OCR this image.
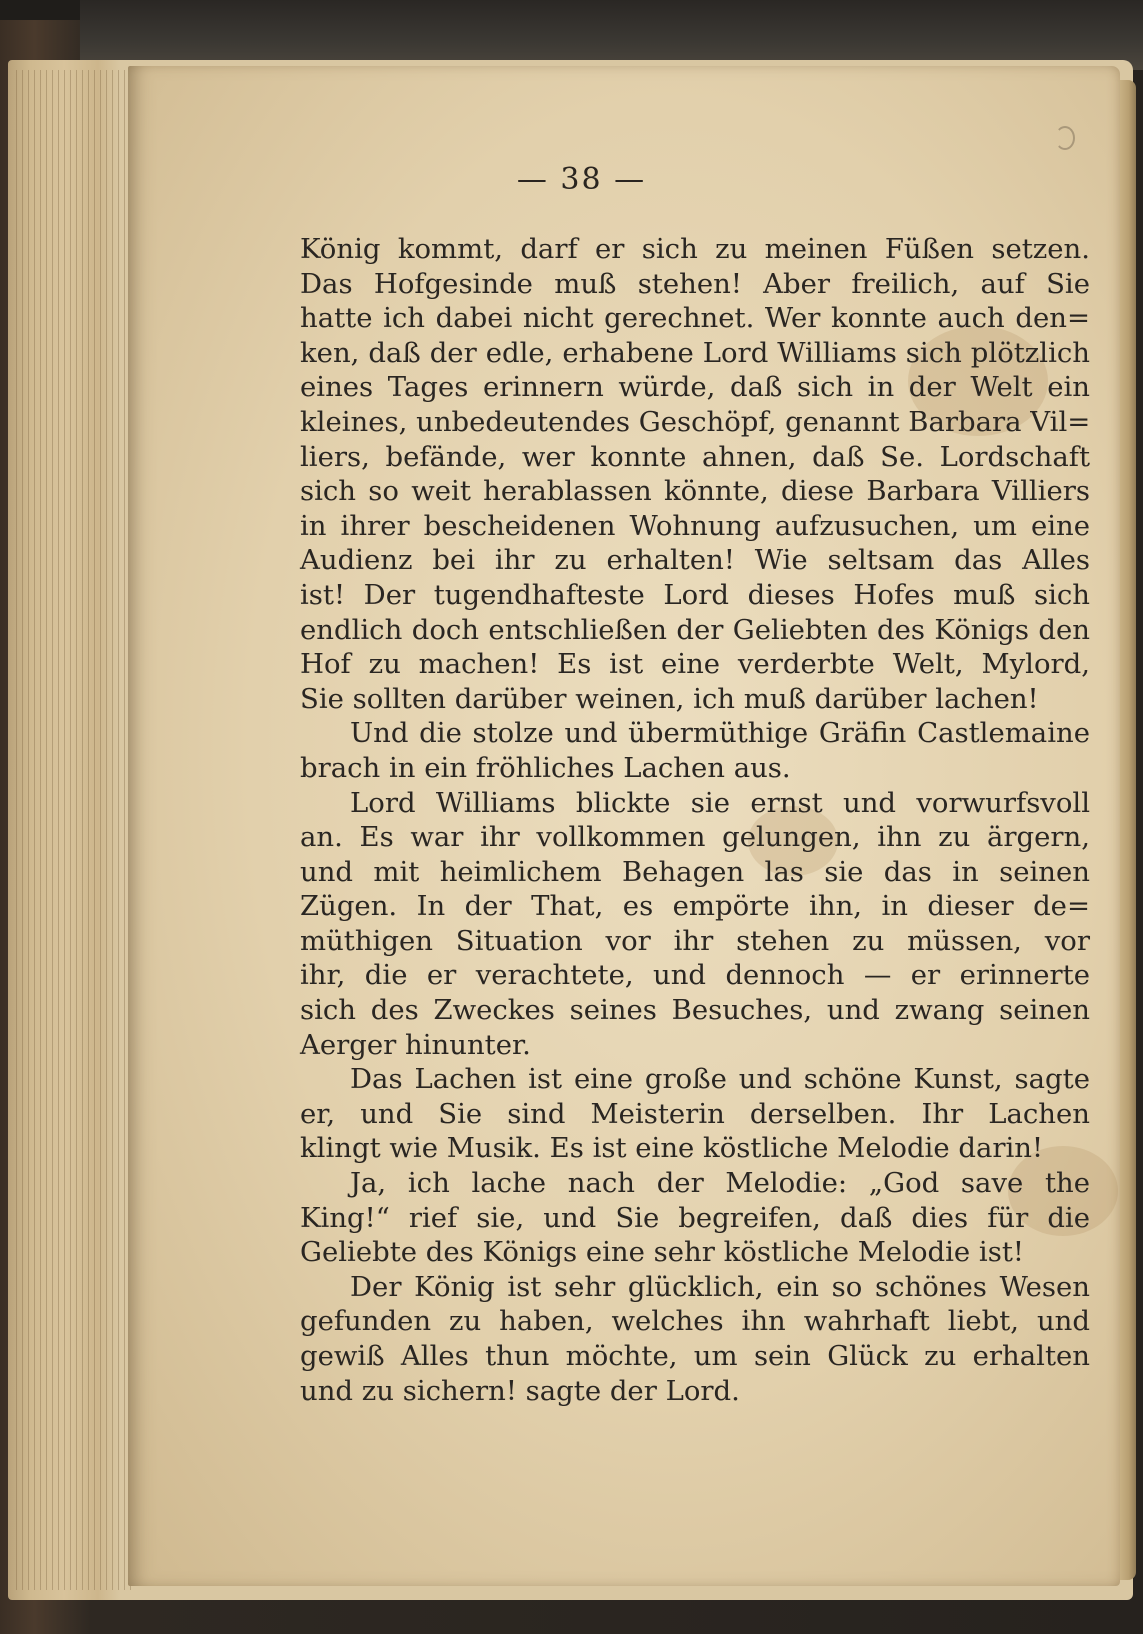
— 38 —
König kommt, darf er sich zu meinen Füßen setzen.
Das Hofgesinde muß stehen! Aber freilich, auf Sie
hatte ich dabei nicht gerechnet. Wer konnte auch den=
ken, daß der edle, erhabene Lord Williams sich plötzlich
eines Tages erinnern würde, daß sich in der Welt ein
kleines, unbedeutendes Geschöpf, genannt Barbara Vil=
liers, befände, wer konnte ahnen, daß Se. Lordschaft
sich so weit herablassen könnte, diese Barbara Villiers
in ihrer bescheidenen Wohnung aufzusuchen, um eine
Audienz bei ihr zu erhalten! Wie seltsam das Alles
ist! Der tugendhafteste Lord dieses Hofes muß sich
endlich doch entschließen der Geliebten des Königs den
Hof zu machen! Es ist eine verderbte Welt, Mylord,
Sie sollten darüber weinen, ich muß darüber lachen!
Und die stolze und übermüthige Gräfin Castlemaine
brach in ein fröhliches Lachen aus.
Lord Williams blickte sie ernst und vorwurfsvoll
an. Es war ihr vollkommen gelungen, ihn zu ärgern,
und mit heimlichem Behagen las sie das in seinen
Zügen. In der That, es empörte ihn, in dieser de=
müthigen Situation vor ihr stehen zu müssen, vor
ihr, die er verachtete, und dennoch — er erinnerte
sich des Zweckes seines Besuches, und zwang seinen
Aerger hinunter.
Das Lachen ist eine große und schöne Kunst, sagte
er, und Sie sind Meisterin derselben. Ihr Lachen
klingt wie Musik. Es ist eine köstliche Melodie darin!
Ja, ich lache nach der Melodie: „God save the
King!“ rief sie, und Sie begreifen, daß dies für die
Geliebte des Königs eine sehr köstliche Melodie ist!
Der König ist sehr glücklich, ein so schönes Wesen
gefunden zu haben, welches ihn wahrhaft liebt, und
gewiß Alles thun möchte, um sein Glück zu erhalten
und zu sichern! sagte der Lord.
